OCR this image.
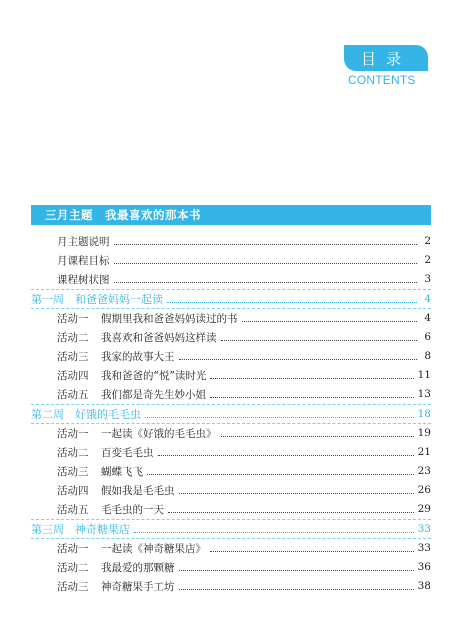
目录
CONTENTS
三月主题　我最喜欢的那本书
月主题说明	2
月课程目标	2
课程树状图	3
第一周　和爸爸妈妈一起读	4
活动一	假期里我和爸爸妈妈读过的书	4
活动二	我喜欢和爸爸妈妈这样读	6
活动三	我家的故事大王	8
活动四	我和爸爸的“悦”读时光	11
活动五	我们都是奇先生妙小姐	13
第二周　好饿的毛毛虫	18
活动一	一起读《好饿的毛毛虫》	19
活动二	百变毛毛虫	21
活动三	蝴蝶飞飞	23
活动四	假如我是毛毛虫	26
活动五	毛毛虫的一天	29
第三周　神奇糖果店	33
活动一	一起读《神奇糖果店》	33
活动二	我最爱的那颗糖	36
活动三	神奇糖果手工坊	38
